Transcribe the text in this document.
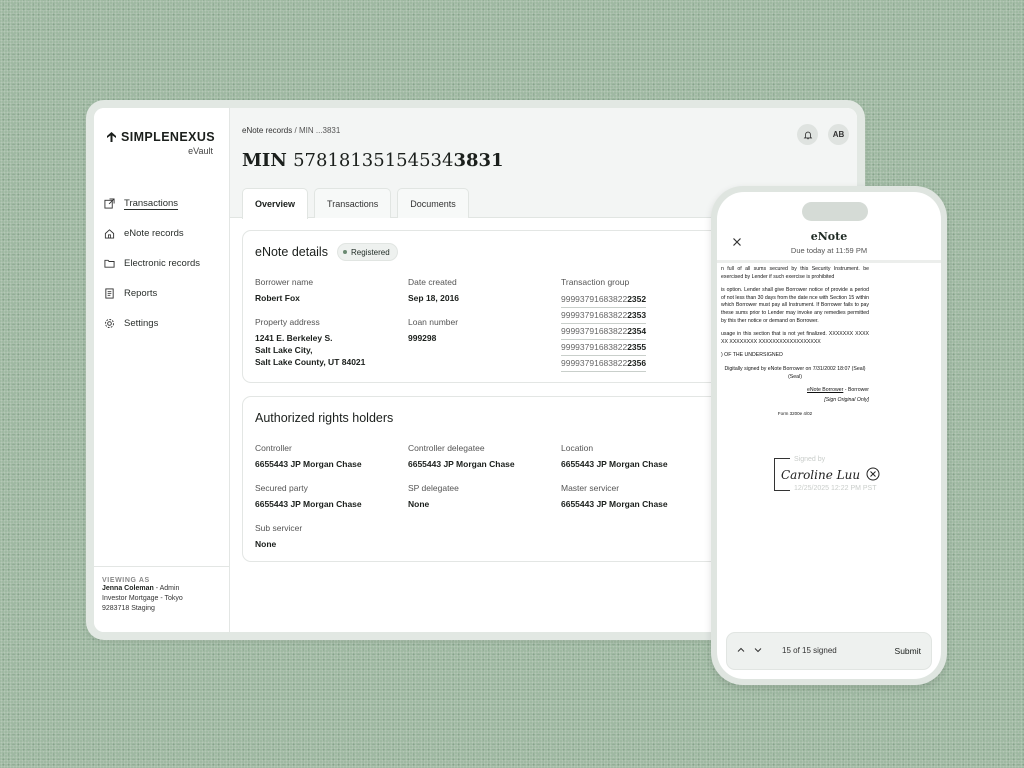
SIMPLENEXUS
eVault
Transactions
eNote records
Electronic records
Reports
Settings
VIEWING AS
Jenna Coleman - Admin
Investor Mortgage - Tokyo
9283718 Staging
eNote records / MIN ...3831	AB
MIN 578181351545343831
Overview	Transactions	Documents
eNote details	Registered
Borrower name
Robert Fox
Date created
Sep 18, 2016
Transaction group
999937916838222352
999937916838222353
999937916838222354
999937916838222355
999937916838222356
Property address
1241 E. Berkeley S.
Salt Lake City,
Salt Lake County, UT 84021
Loan number
999298
Authorized rights holders
Controller
6655443 JP Morgan Chase
Controller delegatee
6655443 JP Morgan Chase
Location
6655443 JP Morgan Chase
Secured party
6655443 JP Morgan Chase
SP delegatee
None
Master servicer
6655443 JP Morgan Chase
Sub servicer
None
eNote
Due today at 11:59 PM

n full of all sums secured by this Security Instrument. be exercised by Lender if such exercise is prohibited

is option. Lender shall give Borrower notice of provide a period of not less than 30 days from the date nce with Section 15 within which Borrower must pay all Instrument. If Borrower fails to pay these sums prior to Lender may invoke any remedies permitted by this ther notice or demand on Borrower.

usage in this section that is not yet finalized. XXXXXXX XXXX XX XXXXXXXX XXXXXXXXXXXXXXXXXX

) OF THE UNDERSIGNED

Digitally signed by eNote Borrower on 7/31/2002 18:07 (Seal) (Seal)

eNote Borrower - Borrower

[Sign Original Only]

Form 3200e 4/02

Signed by
Caroline Luu
12/25/2025 12:22 PM PST
15 of 15 signed	Submit
